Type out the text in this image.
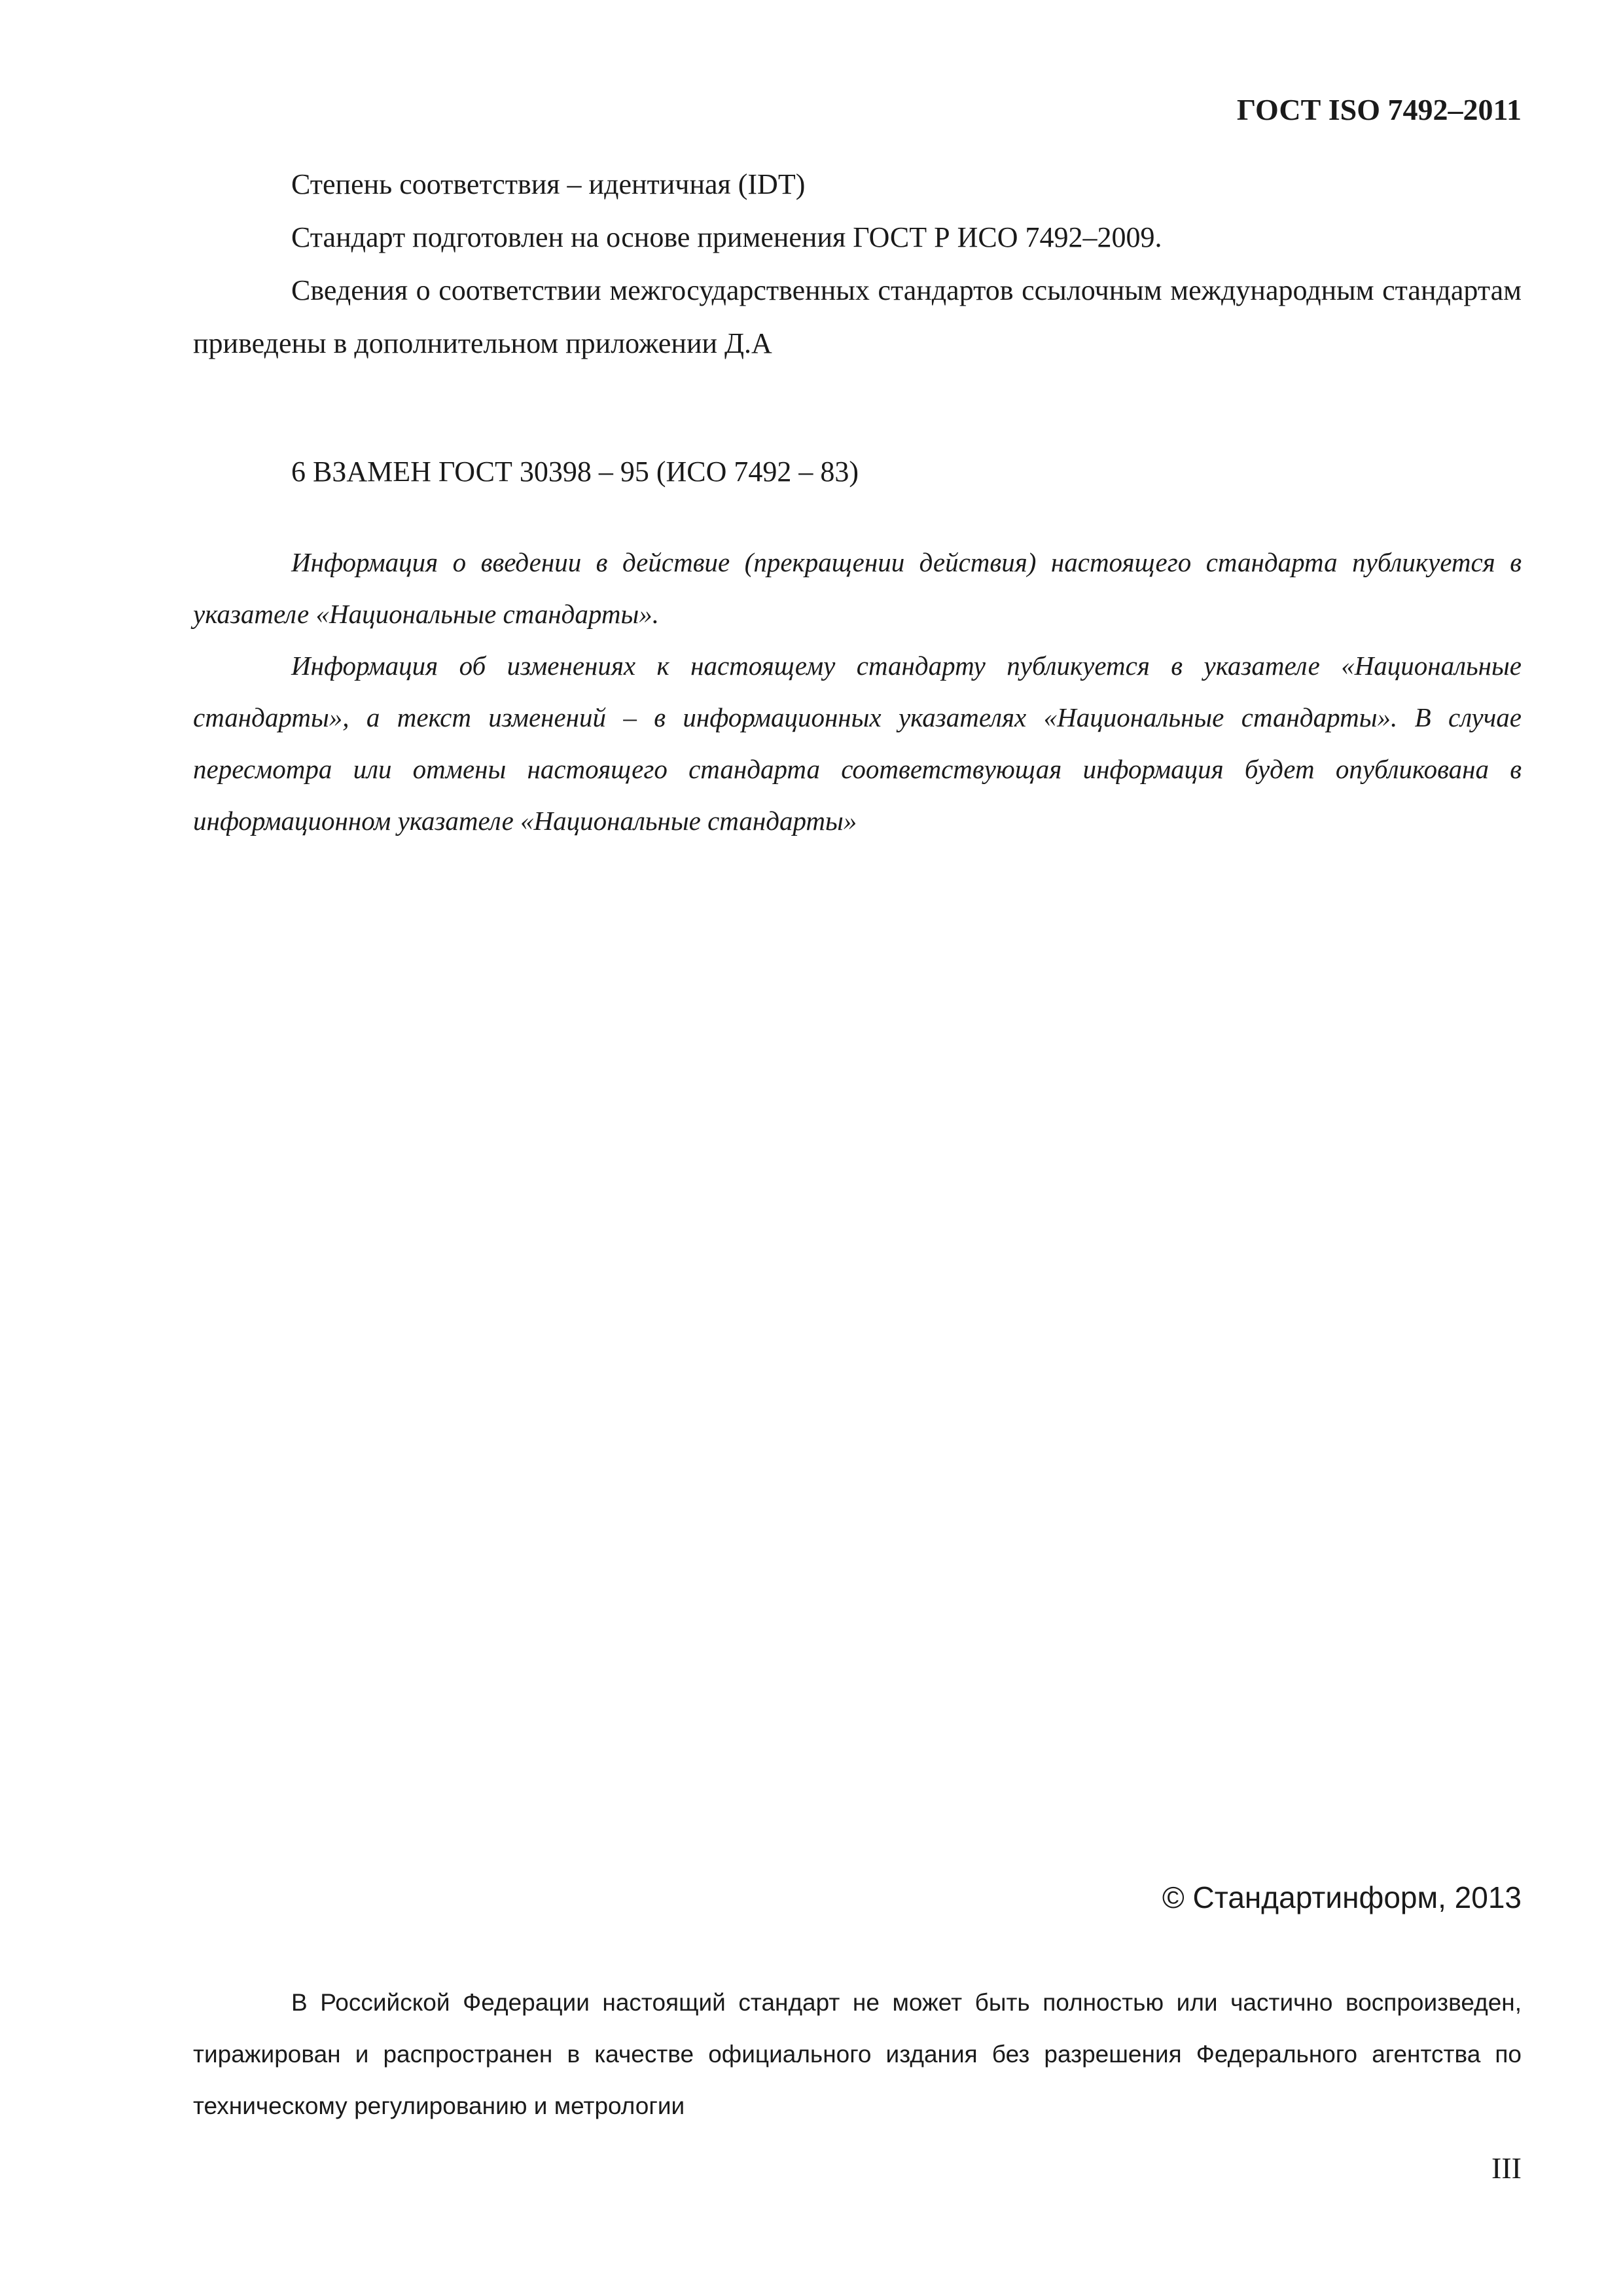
ГОСТ ISO 7492–2011

Степень соответствия – идентичная (IDT)

Стандарт подготовлен на основе применения ГОСТ Р ИСО 7492–2009.

Сведения о соответствии межгосударственных стандартов ссылочным международным стандартам приведены в дополнительном приложении Д.А

6 ВЗАМЕН ГОСТ 30398 – 95 (ИСО 7492 – 83)

Информация о введении в действие (прекращении действия) настоящего стандарта публикуется в указателе «Национальные стандарты».

Информация об изменениях к настоящему стандарту публикуется в указателе «Национальные стандарты», а текст изменений – в информационных указателях «Национальные стандарты». В случае пересмотра или отмены настоящего стандарта соответствующая информация будет опубликована в информационном указателе «Национальные стандарты»

© Стандартинформ, 2013

В Российской Федерации настоящий стандарт не может быть полностью или частично воспроизведен, тиражирован и распространен в качестве официального издания без разрешения Федерального агентства по техническому регулированию и метрологии

III
